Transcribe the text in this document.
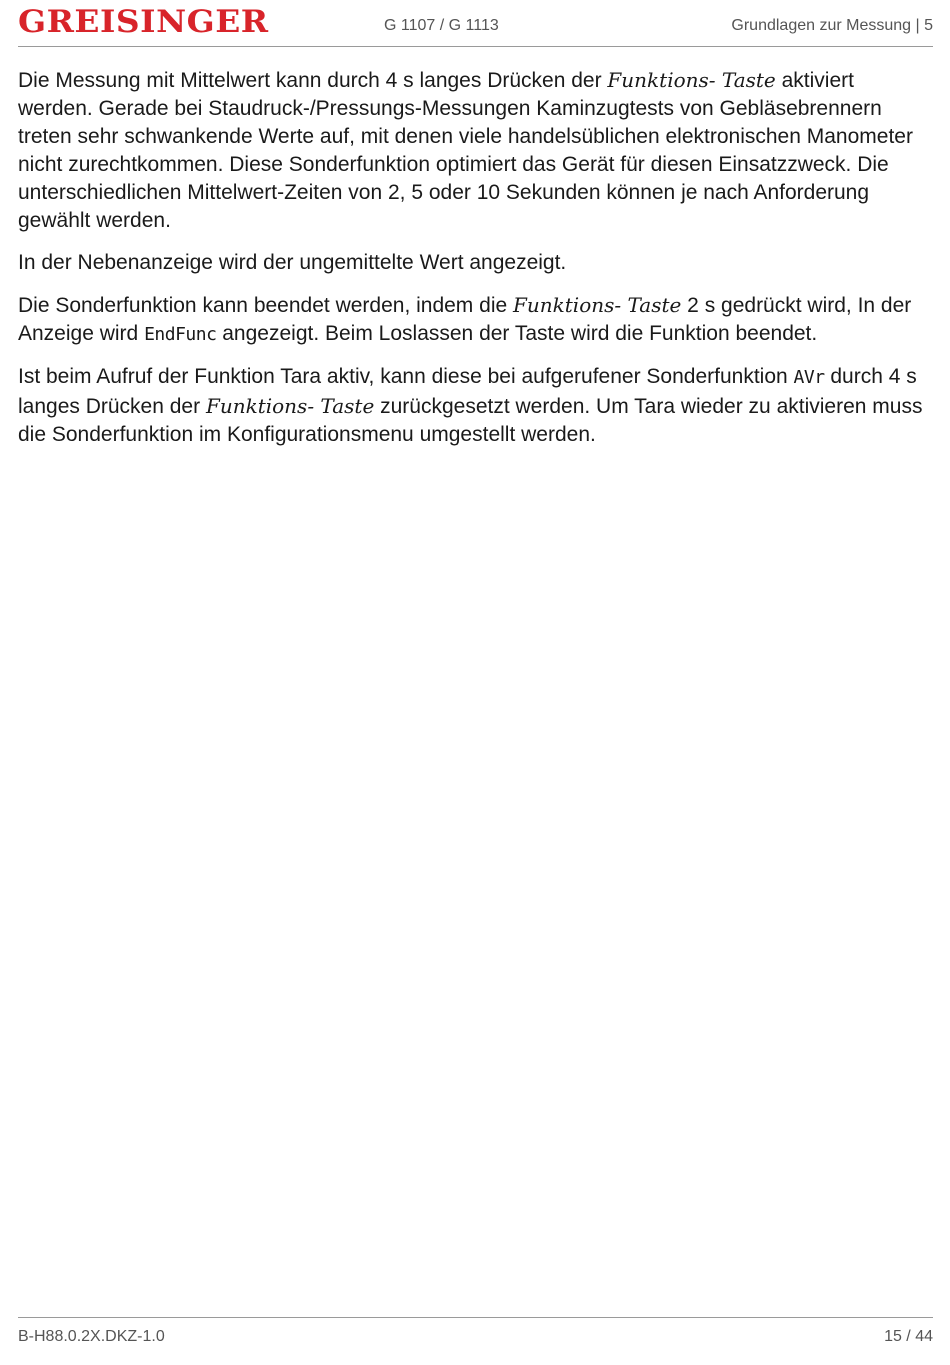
GREISINGER	G 1107 / G 1113	Grundlagen zur Messung | 5

Die Messung mit Mittelwert kann durch 4 s langes Drücken der Funktions- Taste aktiviert werden. Gerade bei Staudruck-/Pressungs-Messungen Kaminzugtests von Gebläsebrennern treten sehr schwankende Werte auf, mit denen viele handelsüblichen elektronischen Manometer nicht zurechtkommen. Diese Sonderfunktion optimiert das Gerät für diesen Einsatzzweck. Die unterschiedlichen Mittelwert-Zeiten von 2, 5 oder 10 Sekunden können je nach Anforderung gewählt werden.

In der Nebenanzeige wird der ungemittelte Wert angezeigt.

Die Sonderfunktion kann beendet werden, indem die Funktions- Taste 2 s gedrückt wird, In der Anzeige wird EndFunc angezeigt. Beim Loslassen der Taste wird die Funktion beendet.

Ist beim Aufruf der Funktion Tara aktiv, kann diese bei aufgerufener Sonderfunktion AVr durch 4 s langes Drücken der Funktions- Taste zurückgesetzt werden. Um Tara wieder zu aktivieren muss die Sonderfunktion im Konfigurationsmenu umgestellt werden.

B-H88.0.2X.DKZ-1.0	15 / 44
